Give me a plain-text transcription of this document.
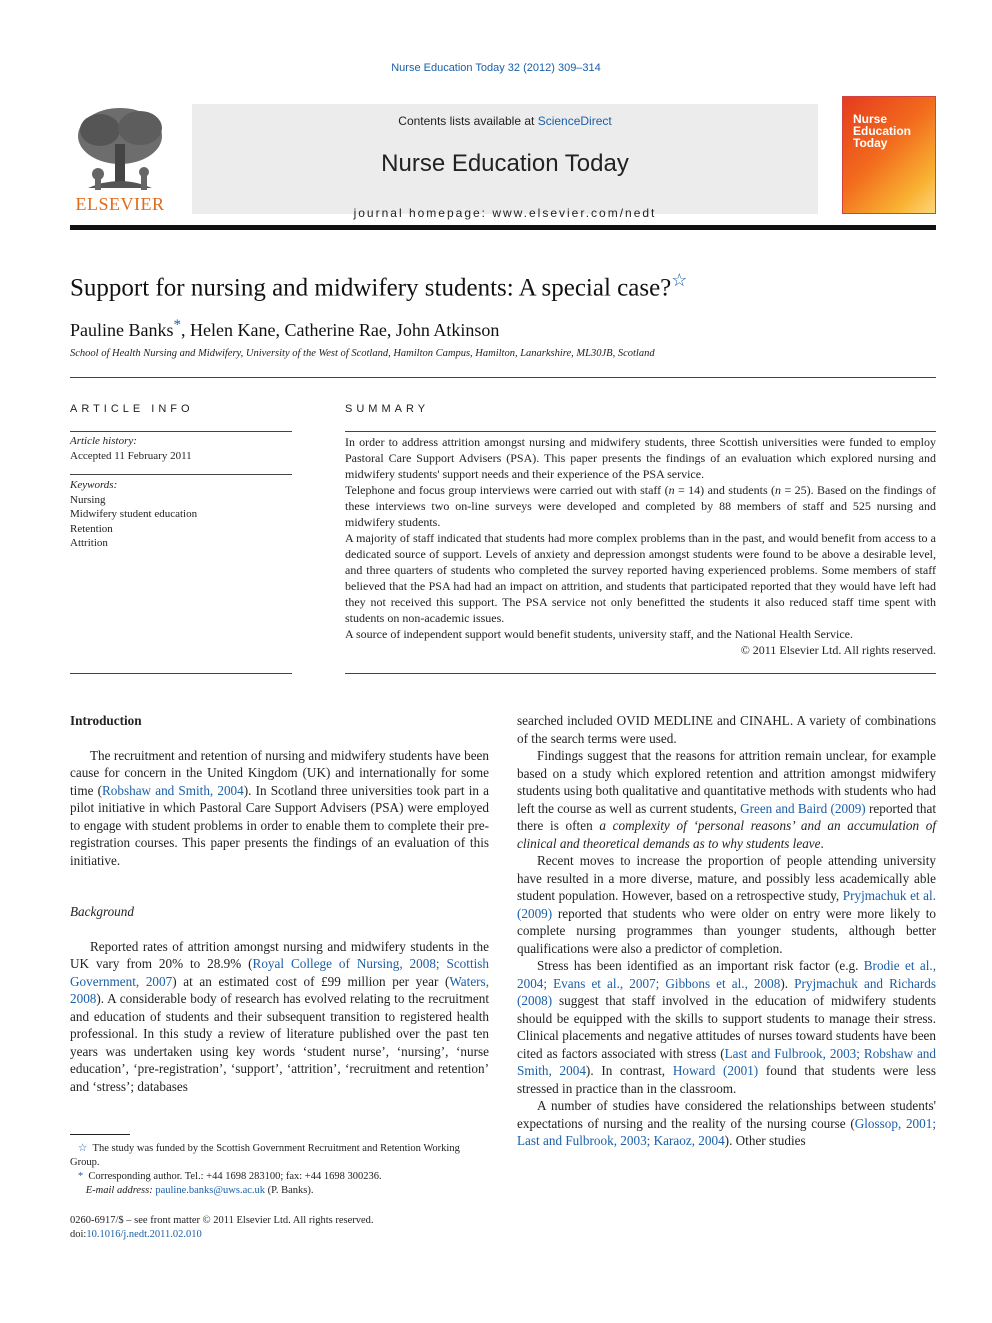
Nurse Education Today 32 (2012) 309–314
ELSEVIER
Contents lists available at ScienceDirect
Nurse Education Today
journal homepage: www.elsevier.com/nedt
Nurse
Education
Today
Support for nursing and midwifery students: A special case?☆
Pauline Banks*, Helen Kane, Catherine Rae, John Atkinson
School of Health Nursing and Midwifery, University of the West of Scotland, Hamilton Campus, Hamilton, Lanarkshire, ML30JB, Scotland
ARTICLE INFO
Article history:
Accepted 11 February 2011
Keywords:
Nursing
Midwifery student education
Retention
Attrition
SUMMARY

In order to address attrition amongst nursing and midwifery students, three Scottish universities were funded to employ Pastoral Care Support Advisers (PSA). This paper presents the findings of an evaluation which explored nursing and midwifery students' support needs and their experience of the PSA service.

Telephone and focus group interviews were carried out with staff (n = 14) and students (n = 25). Based on the findings of these interviews two on-line surveys were developed and completed by 88 members of staff and 525 nursing and midwifery students.

A majority of staff indicated that students had more complex problems than in the past, and would benefit from access to a dedicated source of support. Levels of anxiety and depression amongst students were found to be above a desirable level, and three quarters of students who completed the survey reported having experienced problems. Some members of staff believed that the PSA had had an impact on attrition, and students that participated reported that they would have left had they not received this support. The PSA service not only benefitted the students it also reduced staff time spent with students on non-academic issues.

A source of independent support would benefit students, university staff, and the National Health Service.

© 2011 Elsevier Ltd. All rights reserved.

Introduction

The recruitment and retention of nursing and midwifery students have been cause for concern in the United Kingdom (UK) and internationally for some time (Robshaw and Smith, 2004). In Scotland three universities took part in a pilot initiative in which Pastoral Care Support Advisers (PSA) were employed to engage with student problems in order to enable them to complete their pre-registration courses. This paper presents the findings of an evaluation of this initiative.

Background

Reported rates of attrition amongst nursing and midwifery students in the UK vary from 20% to 28.9% (Royal College of Nursing, 2008; Scottish Government, 2007) at an estimated cost of £99 million per year (Waters, 2008). A considerable body of research has evolved relating to the recruitment and education of students and their subsequent transition to registered health professional. In this study a review of literature published over the past ten years was undertaken using key words ‘student nurse’, ‘nursing’, ‘nurse education’, ‘pre-registration’, ‘support’, ‘attrition’, ‘recruitment and retention’ and ‘stress’; databases

searched included OVID MEDLINE and CINAHL. A variety of combinations of the search terms were used.

Findings suggest that the reasons for attrition remain unclear, for example based on a study which explored retention and attrition amongst midwifery students using both qualitative and quantitative methods with students who had left the course as well as current students, Green and Baird (2009) reported that there is often a complexity of ‘personal reasons’ and an accumulation of clinical and theoretical demands as to why students leave.

Recent moves to increase the proportion of people attending university have resulted in a more diverse, mature, and possibly less academically able student population. However, based on a retrospective study, Pryjmachuk et al. (2009) reported that students who were older on entry were more likely to complete nursing programmes than younger students, although better qualifications were also a predictor of completion.

Stress has been identified as an important risk factor (e.g. Brodie et al., 2004; Evans et al., 2007; Gibbons et al., 2008). Pryjmachuk and Richards (2008) suggest that staff involved in the education of midwifery students should be equipped with the skills to support students to manage their stress. Clinical placements and negative attitudes of nurses toward students have been cited as factors associated with stress (Last and Fulbrook, 2003; Robshaw and Smith, 2004). In contrast, Howard (2001) found that students were less stressed in practice than in the classroom.

A number of studies have considered the relationships between students' expectations of nursing and the reality of the nursing course (Glossop, 2001; Last and Fulbrook, 2003; Karaoz, 2004). Other studies

☆ The study was funded by the Scottish Government Recruitment and Retention Working Group.
* Corresponding author. Tel.: +44 1698 283100; fax: +44 1698 300236.
E-mail address: pauline.banks@uws.ac.uk (P. Banks).
0260-6917/$ – see front matter © 2011 Elsevier Ltd. All rights reserved.
doi:10.1016/j.nedt.2011.02.010
